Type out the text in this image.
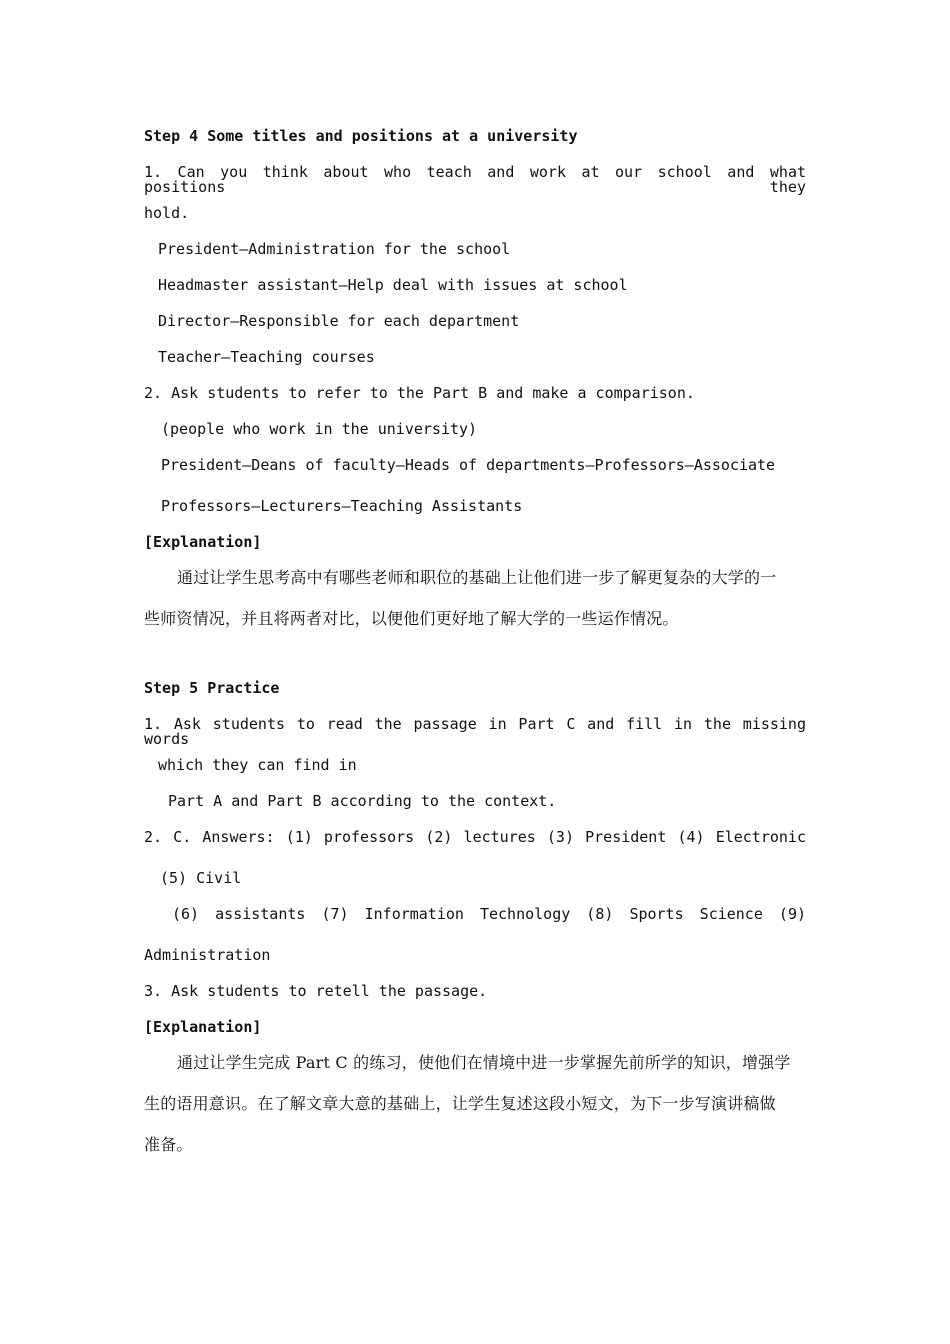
Step 4 Some titles and positions at a university
1. Can you think about who teach and work at our school and what positions they
hold.
President—Administration for the school
Headmaster assistant—Help deal with issues at school
Director—Responsible for each department
Teacher—Teaching courses
2. Ask students to refer to the Part B and make a comparison.
(people who work in the university)
President—Deans of faculty—Heads of departments—Professors—Associate
Professors—Lecturers—Teaching Assistants
[Explanation]
通过让学生思考高中有哪些老师和职位的基础上让他们进一步了解更复杂的大学的一
些师资情况，并且将两者对比，以便他们更好地了解大学的一些运作情况。
Step 5 Practice
1. Ask students to read the passage in Part C and fill in the missing words
which they can find in
Part A and Part B according to the context.
2. C. Answers: (1) professors (2) lectures (3) President (4) Electronic
(5) Civil
(6) assistants (7) Information Technology (8) Sports Science (9)
Administration
3. Ask students to retell the passage.
[Explanation]
通过让学生完成 Part C 的练习，使他们在情境中进一步掌握先前所学的知识，增强学
生的语用意识。在了解文章大意的基础上，让学生复述这段小短文，为下一步写演讲稿做
准备。
